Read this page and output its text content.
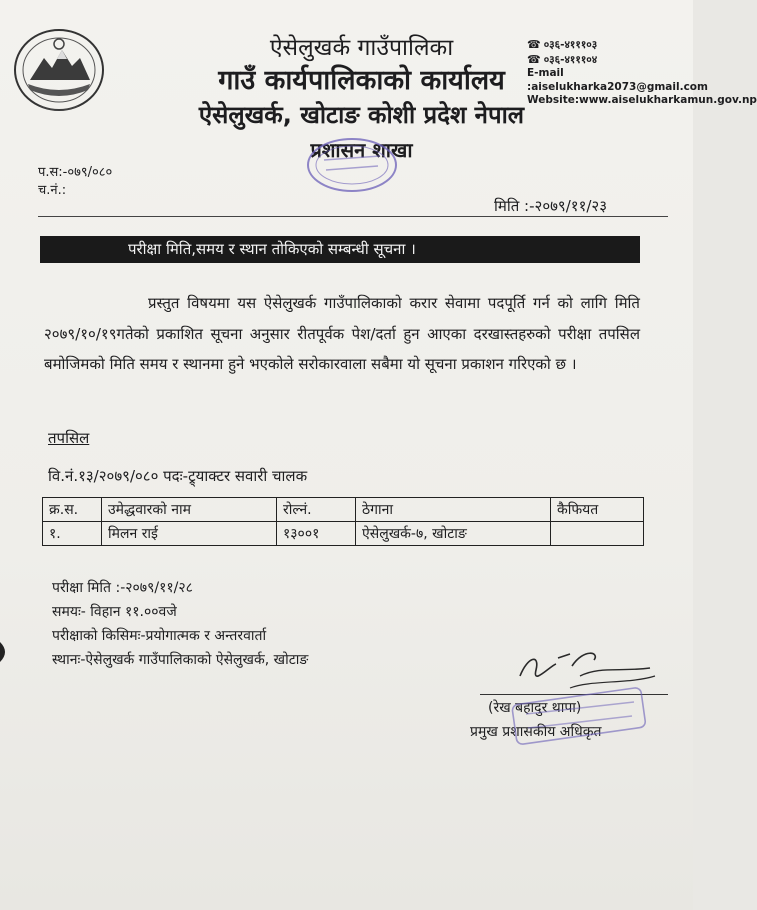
ऐसेलुखर्क गाउँपालिका
गाउँ कार्यपालिकाको कार्यालय
ऐसेलुखर्क, खोटाङ कोशी प्रदेश नेपाल
प्रशासन शाखा
☎ ०३६-४१११०३
☎ ०३६-४१११०४
E-mail
:aiselukharka2073@gmail.com
Website:www.aiselukharkamun.gov.np
प.स:-०७९/०८०
च.नं.:
मिति :-२०७९/११/२३
परीक्षा मिति,समय र स्थान तोकिएको सम्बन्धी सूचना ।
प्रस्तुत विषयमा यस ऐसेलुखर्क गाउँपालिकाको करार सेवामा पदपूर्ति गर्न को लागि मिति २०७९/१०/१९गतेको प्रकाशित सूचना अनुसार रीतपूर्वक पेश/दर्ता हुन आएका दरखास्तहरुको परीक्षा तपसिल बमोजिमको मिति समय र स्थानमा हुने भएकोले सरोकारवाला सबैमा यो सूचना प्रकाशन गरिएको छ ।
तपसिल
वि.नं.१३/२०७९/०८० पदः-ट्र्याक्टर सवारी चालक
क्र.स.	उमेद्धवारको नाम	रोल्नं.	ठेगाना	कैफियत
१.	मिलन राई	१३००१	ऐसेलुखर्क-७, खोटाङ	
परीक्षा मिति :-२०७९/११/२८
समयः- विहान ११.००वजे
परीक्षाको किसिमः-प्रयोगात्मक र अन्तरवार्ता
स्थानः-ऐसेलुखर्क गाउँपालिकाको ऐसेलुखर्क, खोटाङ
(रेख बहादुर थापा)
प्रमुख प्रशासकीय अधिकृत
